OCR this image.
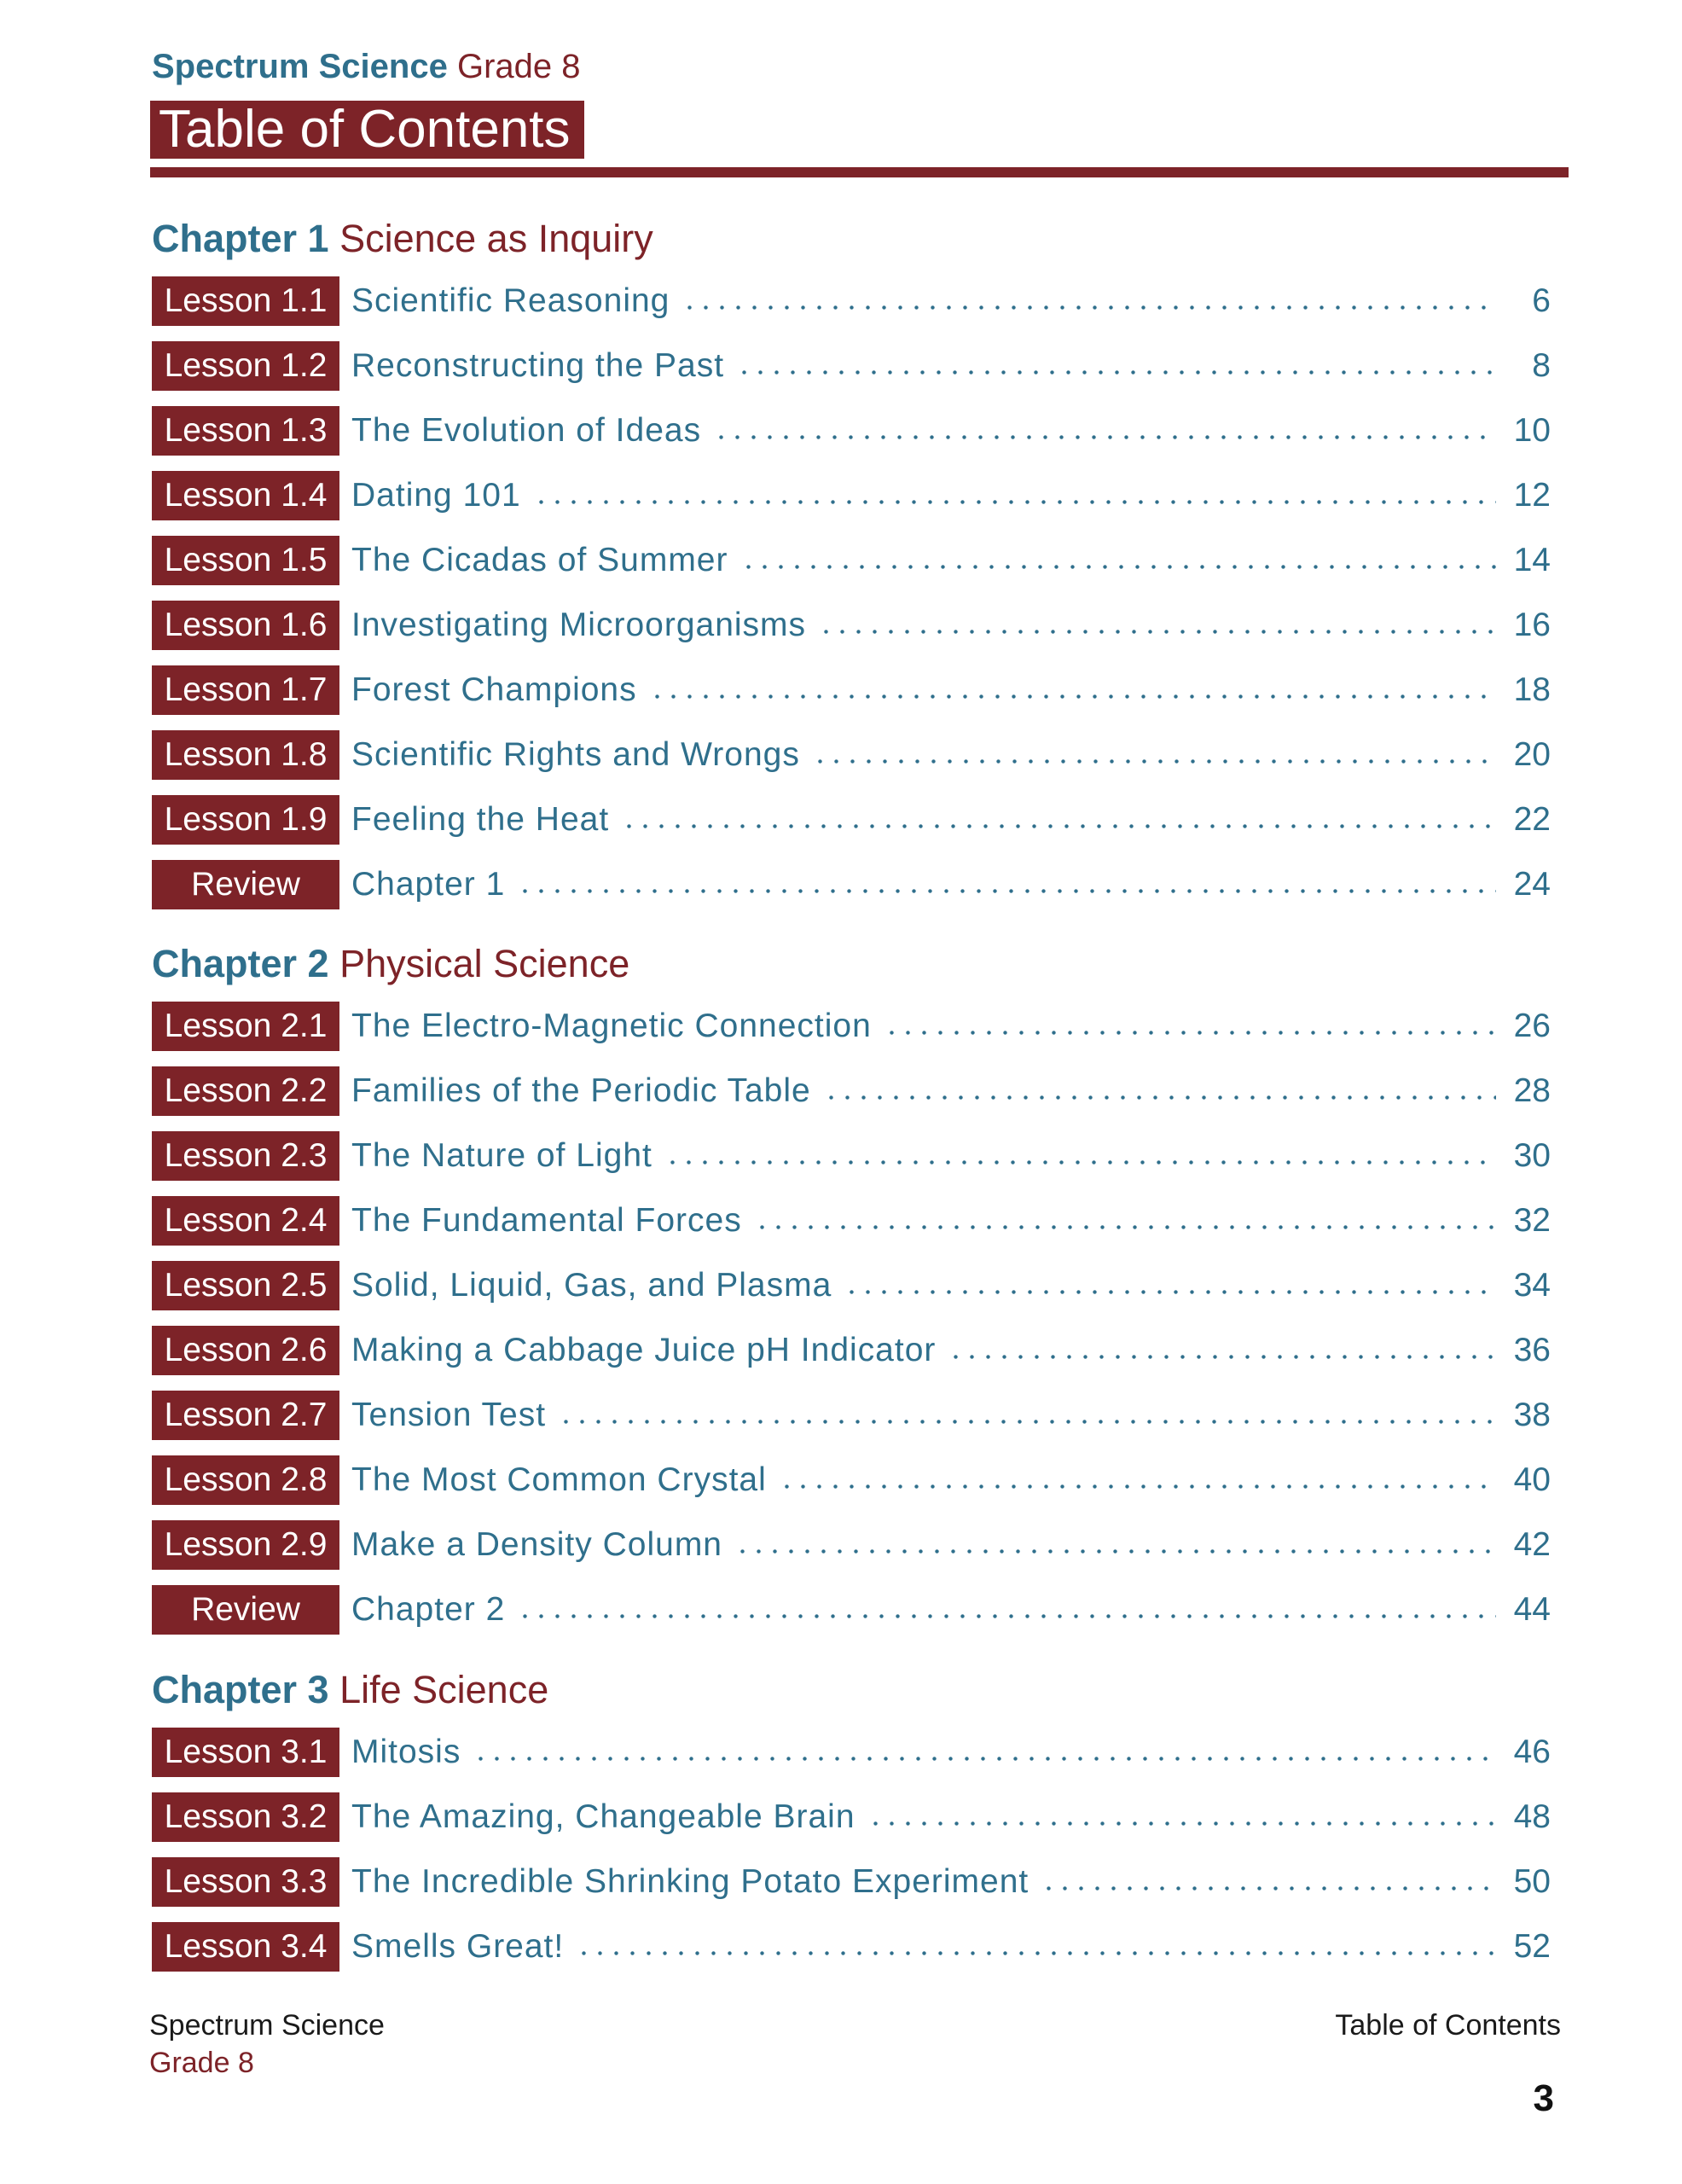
Spectrum Science Grade 8
Table of Contents
Chapter 1 Science as Inquiry
Lesson 1.1 Scientific Reasoning	6
Lesson 1.2 Reconstructing the Past	8
Lesson 1.3 The Evolution of Ideas	10
Lesson 1.4 Dating 101	12
Lesson 1.5 The Cicadas of Summer	14
Lesson 1.6 Investigating Microorganisms	16
Lesson 1.7 Forest Champions	18
Lesson 1.8 Scientific Rights and Wrongs	20
Lesson 1.9 Feeling the Heat	22
Review	Chapter 1	24
Chapter 2 Physical Science
Lesson 2.1 The Electro-Magnetic Connection	26
Lesson 2.2 Families of the Periodic Table	28
Lesson 2.3 The Nature of Light	30
Lesson 2.4 The Fundamental Forces	32
Lesson 2.5 Solid, Liquid, Gas, and Plasma	34
Lesson 2.6 Making a Cabbage Juice pH Indicator	36
Lesson 2.7 Tension Test	38
Lesson 2.8 The Most Common Crystal	40
Lesson 2.9 Make a Density Column	42
Review	Chapter 2	44
Chapter 3 Life Science
Lesson 3.1 Mitosis	46
Lesson 3.2 The Amazing, Changeable Brain	48
Lesson 3.3 The Incredible Shrinking Potato Experiment	50
Lesson 3.4 Smells Great!	52
Spectrum Science
Grade 8
Table of Contents
3
